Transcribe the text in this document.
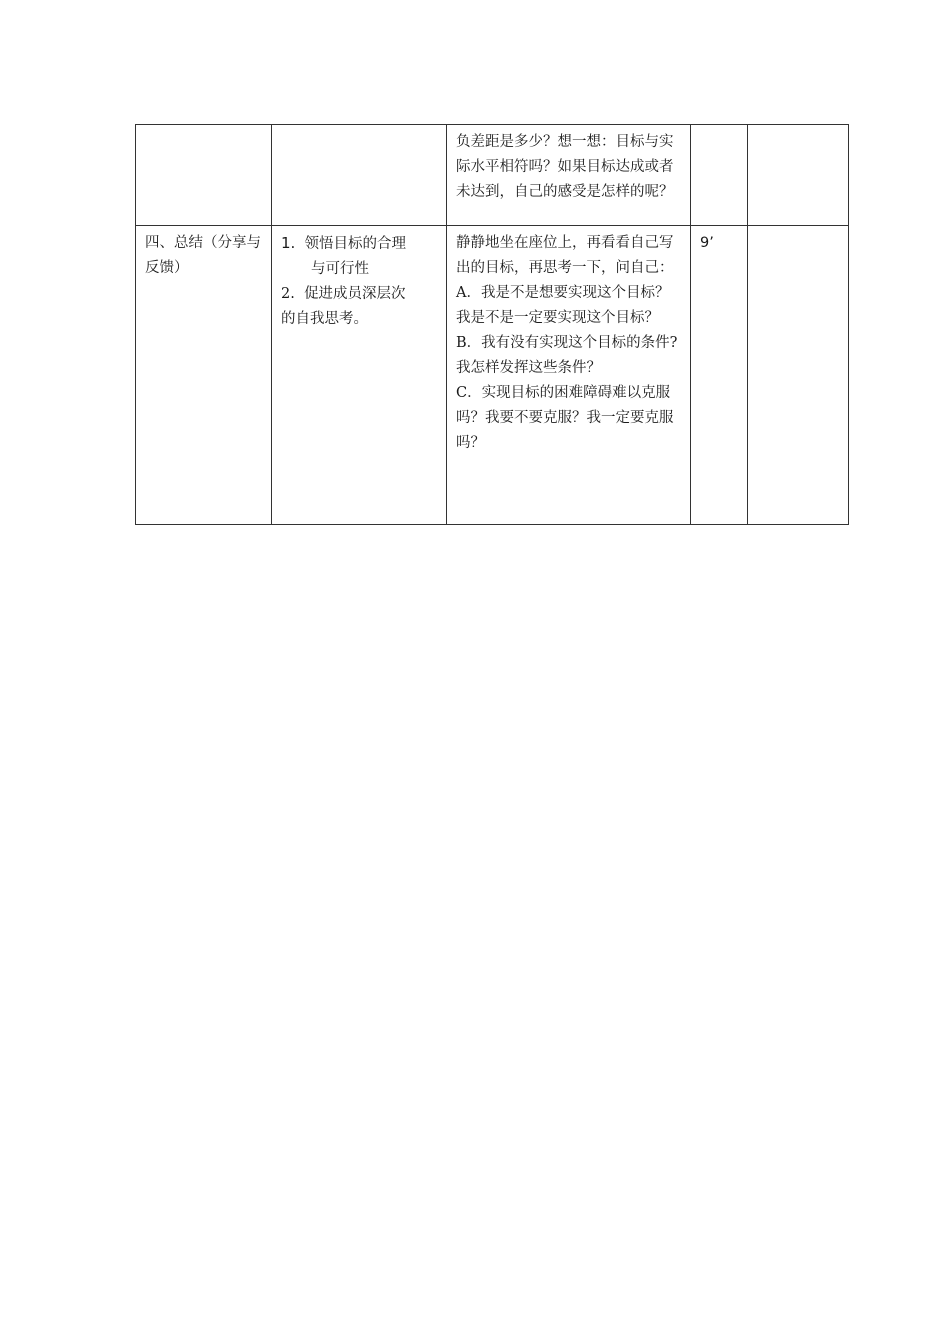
		负差距是多少？想一想：目标与实际水平相符吗？如果目标达成或者未达到，自己的感受是怎样的呢？		
四、总结（分享与反馈）	1. 领悟目标的合理
与可行性
2. 促进成员深层次
的自我思考。	静静地坐在座位上，再看看自己写出的目标，再思考一下，问自己：
A．我是不是想要实现这个目标？我是不是一定要实现这个目标？
B．我有没有实现这个目标的条件?我怎样发挥这些条件？
C．实现目标的困难障碍难以克服吗？我要不要克服？我一定要克服吗？	9’	
